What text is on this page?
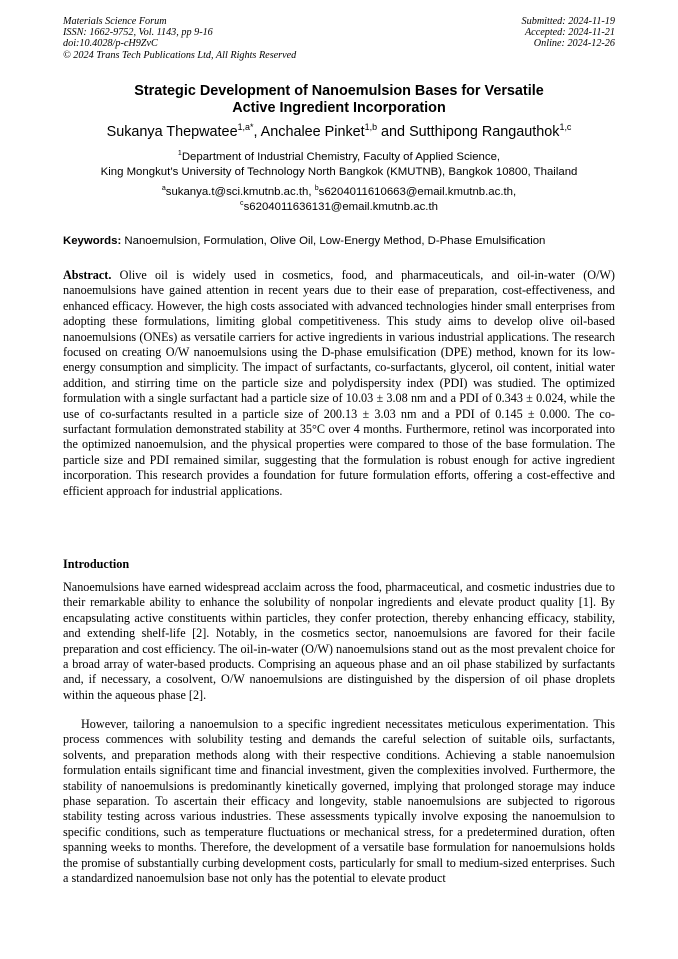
Materials Science Forum
ISSN: 1662-9752, Vol. 1143, pp 9-16
doi:10.4028/p-cH9ZvC
© 2024 Trans Tech Publications Ltd, All Rights Reserved
Submitted: 2024-11-19
Accepted: 2024-11-21
Online: 2024-12-26
Strategic Development of Nanoemulsion Bases for Versatile
Active Ingredient Incorporation
Sukanya Thepwatee$^{1,a*}$, Anchalee Pinket$^{1,b}$ and Sutthipong Rangauthok$^{1,c}$
$^1$Department of Industrial Chemistry, Faculty of Applied Science,
King Mongkut’s University of Technology North Bangkok (KMUTNB), Bangkok 10800, Thailand
$^a$sukanya.t@sci.kmutnb.ac.th, $^b$s6204011610663@email.kmutnb.ac.th,
$^c$s6204011636131@email.kmutnb.ac.th
Keywords: Nanoemulsion, Formulation, Olive Oil, Low-Energy Method, D-Phase Emulsification

Abstract. Olive oil is widely used in cosmetics, food, and pharmaceuticals, and oil-in-water (O/W) nanoemulsions have gained attention in recent years due to their ease of preparation, cost-effectiveness, and enhanced efficacy. However, the high costs associated with advanced technologies hinder small enterprises from adopting these formulations, limiting global competitiveness. This study aims to develop olive oil-based nanoemulsions (ONEs) as versatile carriers for active ingredients in various industrial applications. The research focused on creating O/W nanoemulsions using the D-phase emulsification (DPE) method, known for its low-energy consumption and simplicity. The impact of surfactants, co-surfactants, glycerol, oil content, initial water addition, and stirring time on the particle size and polydispersity index (PDI) was studied. The optimized formulation with a single surfactant had a particle size of 10.03 ± 3.08 nm and a PDI of 0.343 ± 0.024, while the use of co-surfactants resulted in a particle size of 200.13 ± 3.03 nm and a PDI of 0.145 ± 0.000. The co-surfactant formulation demonstrated stability at 35°C over 4 months. Furthermore, retinol was incorporated into the optimized nanoemulsion, and the physical properties were compared to those of the base formulation. The particle size and PDI remained similar, suggesting that the formulation is robust enough for active ingredient incorporation. This research provides a foundation for future formulation efforts, offering a cost-effective and efficient approach for industrial applications.

Introduction

Nanoemulsions have earned widespread acclaim across the food, pharmaceutical, and cosmetic industries due to their remarkable ability to enhance the solubility of nonpolar ingredients and elevate product quality [1]. By encapsulating active constituents within particles, they confer protection, thereby enhancing efficacy, stability, and extending shelf-life [2]. Notably, in the cosmetics sector, nanoemulsions are favored for their facile preparation and cost efficiency. The oil-in-water (O/W) nanoemulsions stand out as the most prevalent choice for a broad array of water-based products. Comprising an aqueous phase and an oil phase stabilized by surfactants and, if necessary, a cosolvent, O/W nanoemulsions are distinguished by the dispersion of oil phase droplets within the aqueous phase [2].

However, tailoring a nanoemulsion to a specific ingredient necessitates meticulous experimentation. This process commences with solubility testing and demands the careful selection of suitable oils, surfactants, solvents, and preparation methods along with their respective conditions. Achieving a stable nanoemulsion formulation entails significant time and financial investment, given the complexities involved. Furthermore, the stability of nanoemulsions is predominantly kinetically governed, implying that prolonged storage may induce phase separation. To ascertain their efficacy and longevity, stable nanoemulsions are subjected to rigorous stability testing across various industries. These assessments typically involve exposing the nanoemulsion to specific conditions, such as temperature fluctuations or mechanical stress, for a predetermined duration, often spanning weeks to months. Therefore, the development of a versatile base formulation for nanoemulsions holds the promise of substantially curbing development costs, particularly for small to medium-sized enterprises. Such a standardized nanoemulsion base not only has the potential to elevate product
